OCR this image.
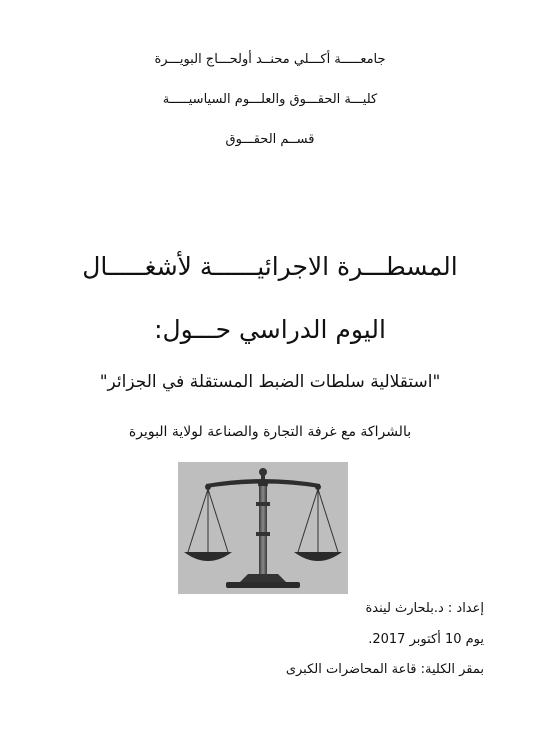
جامعـــــة أكـــلي محنــد أولحـــاج البويـــرة
كليـــة الحقـــوق والعلـــوم السياسيـــــة
قســم الحقـــوق
المسطـــرة الاجرائيــــــة لأشغـــــال
اليوم الدراسي حـــول:
"استقلالية سلطات الضبط المستقلة في الجزائر"
بالشراكة مع غرفة التجارة والصناعة لولاية البويرة
إعداد : د.بلحارث ليندة
يوم 10 أكتوبر 2017.
بمقر الكلية: قاعة المحاضرات الكبرى
